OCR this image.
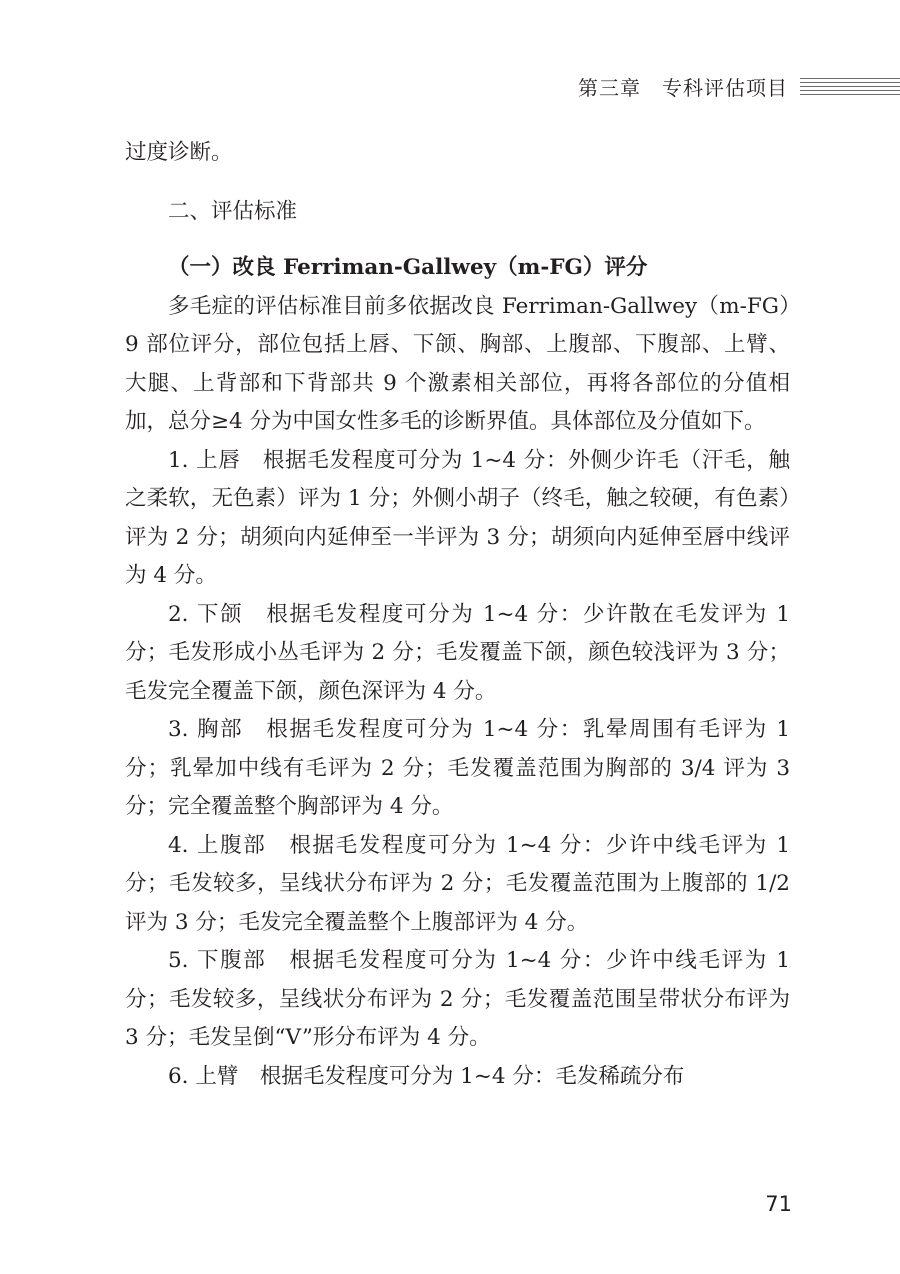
第三章　专科评估项目

过度诊断。

二、评估标准

（一）改良 Ferriman-Gallwey（m-FG）评分

多毛症的评估标准目前多依据改良 Ferriman-Gallwey（m-FG）9 部位评分，部位包括上唇、下颌、胸部、上腹部、下腹部、上臂、大腿、上背部和下背部共 9 个激素相关部位，再将各部位的分值相加，总分≥4 分为中国女性多毛的诊断界值。具体部位及分值如下。

1. 上唇　根据毛发程度可分为 1~4 分：外侧少许毛（汗毛，触之柔软，无色素）评为 1 分；外侧小胡子（终毛，触之较硬，有色素）评为 2 分；胡须向内延伸至一半评为 3 分；胡须向内延伸至唇中线评为 4 分。

2. 下颌　根据毛发程度可分为 1~4 分：少许散在毛发评为 1 分；毛发形成小丛毛评为 2 分；毛发覆盖下颌，颜色较浅评为 3 分；毛发完全覆盖下颌，颜色深评为 4 分。

3. 胸部　根据毛发程度可分为 1~4 分：乳晕周围有毛评为 1 分；乳晕加中线有毛评为 2 分；毛发覆盖范围为胸部的 3/4 评为 3 分；完全覆盖整个胸部评为 4 分。

4. 上腹部　根据毛发程度可分为 1~4 分：少许中线毛评为 1 分；毛发较多，呈线状分布评为 2 分；毛发覆盖范围为上腹部的 1/2 评为 3 分；毛发完全覆盖整个上腹部评为 4 分。

5. 下腹部　根据毛发程度可分为 1~4 分：少许中线毛评为 1 分；毛发较多，呈线状分布评为 2 分；毛发覆盖范围呈带状分布评为 3 分；毛发呈倒“V”形分布评为 4 分。

6. 上臂　根据毛发程度可分为 1~4 分：毛发稀疏分布

71
